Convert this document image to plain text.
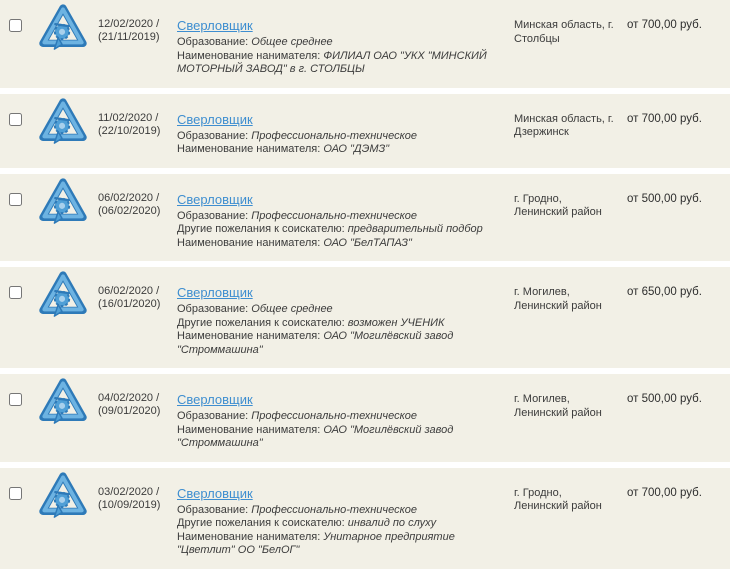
12/02/2020 /
(21/11/2019)
Сверловщик
Образование: Общее среднее
Наименование нанимателя: ФИЛИАЛ ОАО "УКХ "МИНСКИЙ МОТОРНЫЙ ЗАВОД" в г. СТОЛБЦЫ
Минская область, г. Столбцы
от 700,00 руб.
11/02/2020 /
(22/10/2019)
Сверловщик
Образование: Профессионально-техническое
Наименование нанимателя: ОАО "ДЭМЗ"
Минская область, г. Дзержинск
от 700,00 руб.
06/02/2020 /
(06/02/2020)
Сверловщик
Образование: Профессионально-техническое
Другие пожелания к соискателю: предварительный подбор
Наименование нанимателя: ОАО "БелТАПАЗ"
г. Гродно, Ленинский район
от 500,00 руб.
06/02/2020 /
(16/01/2020)
Сверловщик
Образование: Общее среднее
Другие пожелания к соискателю: возможен УЧЕНИК
Наименование нанимателя: ОАО "Могилёвский завод "Строммашина"
г. Могилев, Ленинский район
от 650,00 руб.
04/02/2020 /
(09/01/2020)
Сверловщик
Образование: Профессионально-техническое
Наименование нанимателя: ОАО "Могилёвский завод "Строммашина"
г. Могилев, Ленинский район
от 500,00 руб.
03/02/2020 /
(10/09/2019)
Сверловщик
Образование: Профессионально-техническое
Другие пожелания к соискателю: инвалид по слуху
Наименование нанимателя: Унитарное предприятие "Цветлит" ОО "БелОГ"
г. Гродно, Ленинский район
от 700,00 руб.
